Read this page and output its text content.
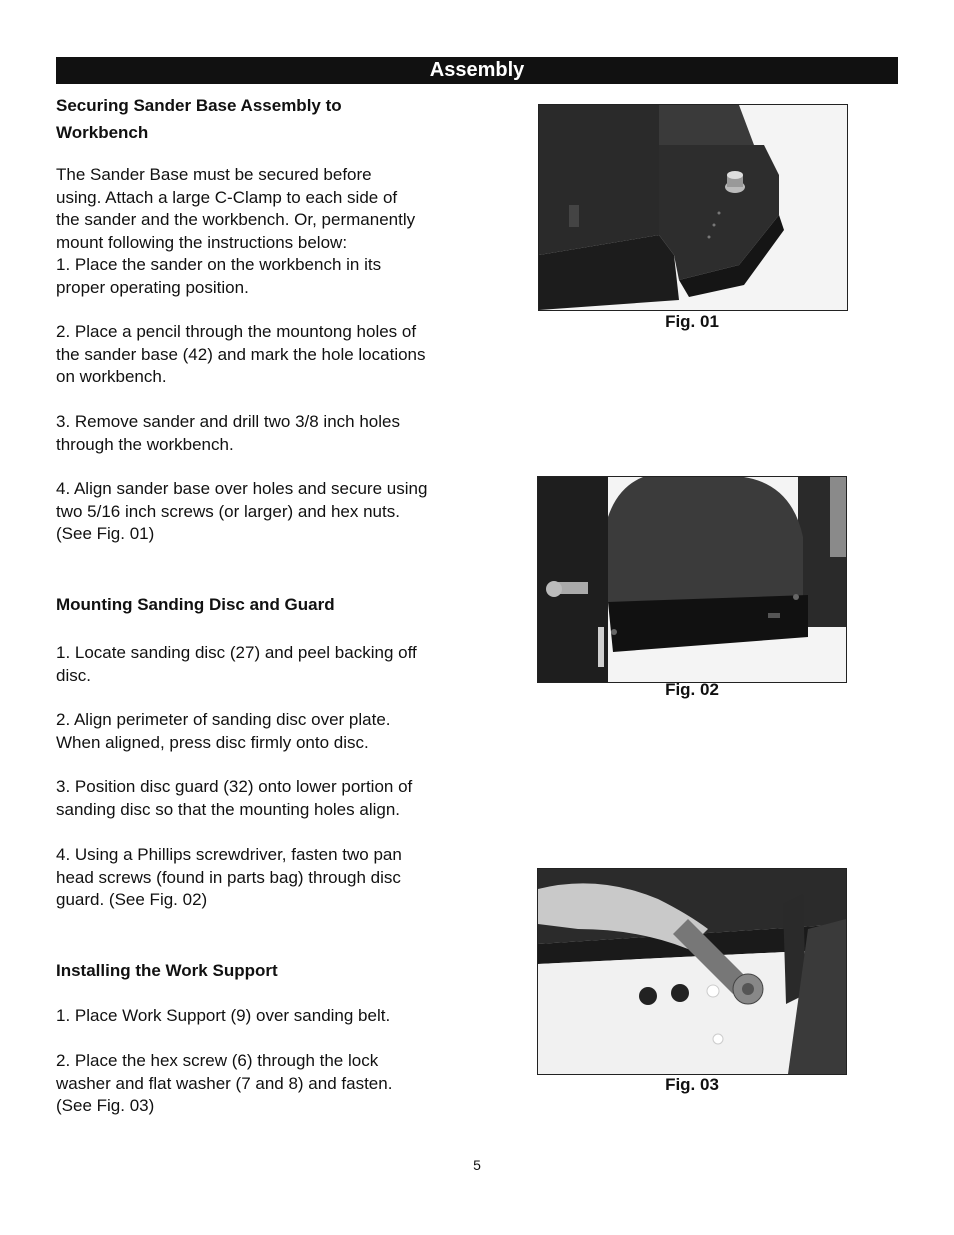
Assembly
Securing Sander Base Assembly to
Workbench
The Sander Base must be secured before
using. Attach a large C-Clamp to each side of
the sander and the workbench. Or, permanently
mount following the instructions below:
1. Place the sander on the workbench in its
proper operating position.
2. Place a pencil through the mountong holes of
the sander base (42) and mark the hole locations
on workbench.
3. Remove sander and drill two 3/8 inch holes
through the workbench.
4. Align sander base over holes and secure using
two 5/16 inch screws (or larger) and hex nuts.
(See Fig. 01)
Mounting Sanding Disc and Guard
1. Locate sanding disc (27) and peel backing off
disc.
2. Align perimeter of sanding disc over plate.
When aligned, press disc firmly onto disc.
3. Position disc guard (32) onto lower portion of
sanding disc so that the mounting holes align.
4. Using a Phillips screwdriver, fasten two pan
head screws (found in parts bag) through disc
guard. (See Fig. 02)
Installing the Work Support
1. Place Work Support (9) over sanding belt.
2. Place the hex screw (6) through the lock
washer and flat washer (7 and 8) and fasten.
(See Fig. 03)
Fig. 01
Fig. 02
Fig. 03
5
